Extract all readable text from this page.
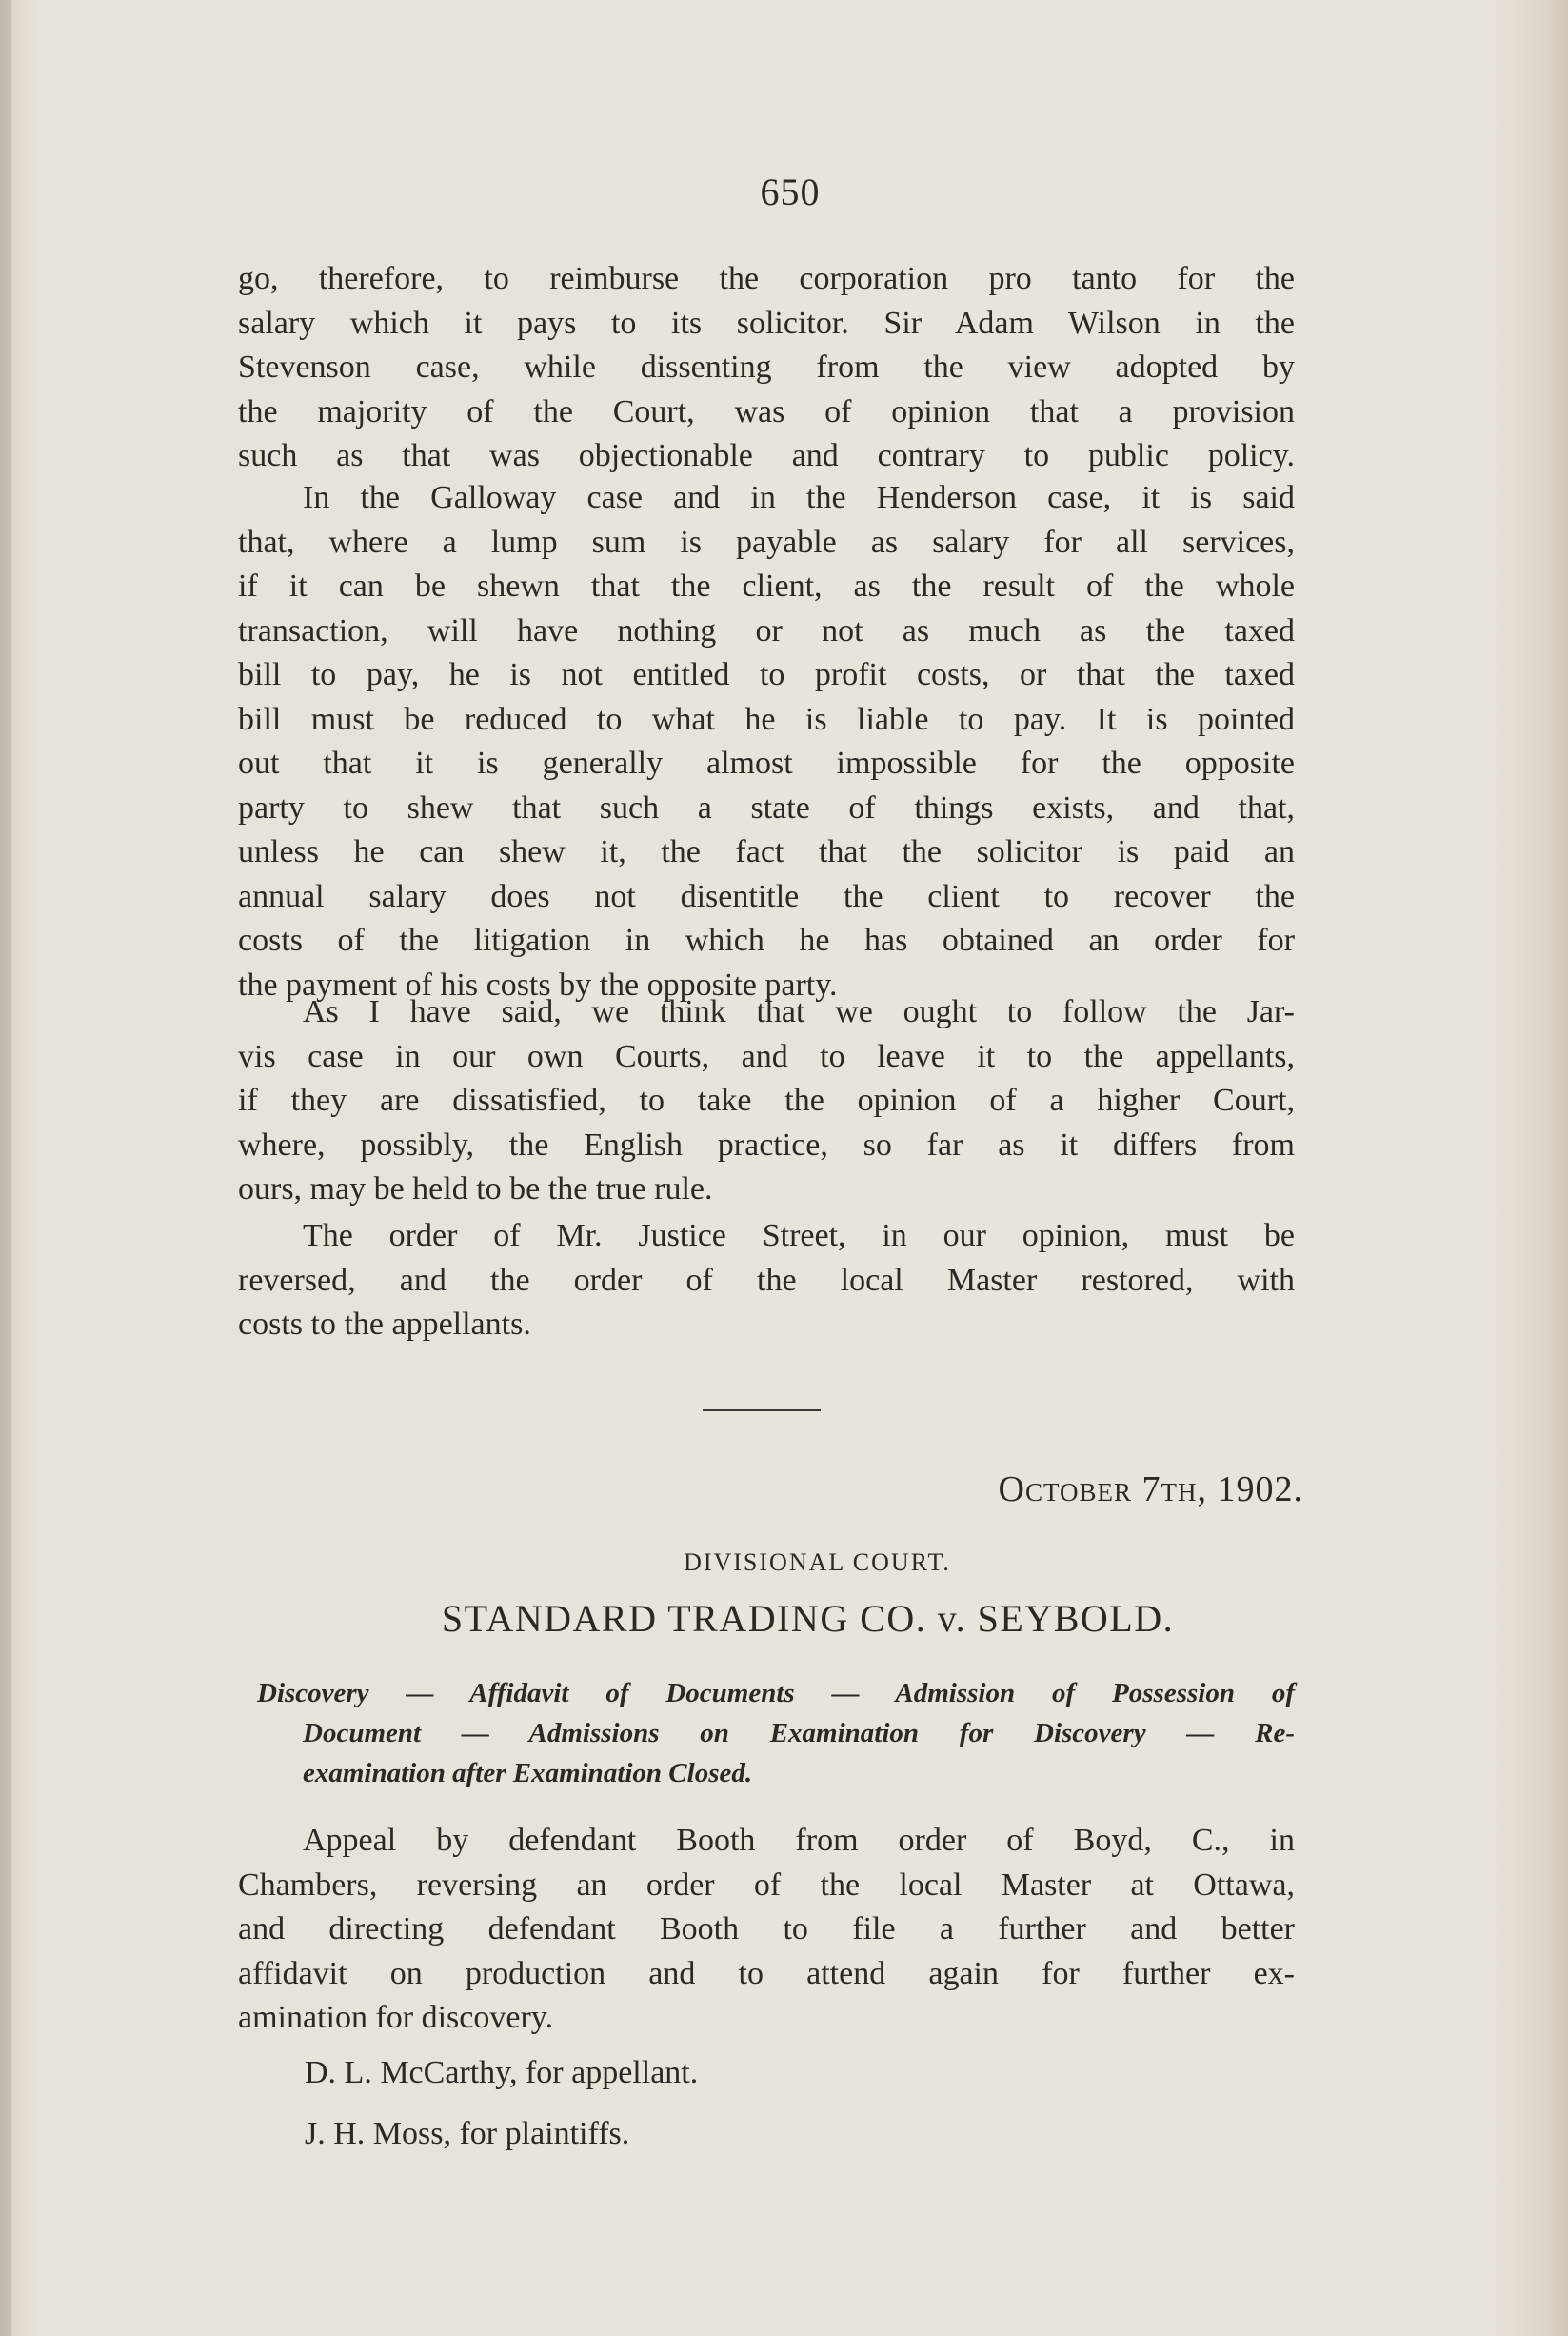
650
go, therefore, to reimburse the corporation pro tanto for the
salary which it pays to its solicitor. Sir Adam Wilson in the
Stevenson case, while dissenting from the view adopted by
the majority of the Court, was of opinion that a provision
such as that was objectionable and contrary to public policy.
In the Galloway case and in the Henderson case, it is said
that, where a lump sum is payable as salary for all services,
if it can be shewn that the client, as the result of the whole
transaction, will have nothing or not as much as the taxed
bill to pay, he is not entitled to profit costs, or that the taxed
bill must be reduced to what he is liable to pay. It is pointed
out that it is generally almost impossible for the opposite
party to shew that such a state of things exists, and that,
unless he can shew it, the fact that the solicitor is paid an
annual salary does not disentitle the client to recover the
costs of the litigation in which he has obtained an order for
the payment of his costs by the opposite party.
As I have said, we think that we ought to follow the Jar-
vis case in our own Courts, and to leave it to the appellants,
if they are dissatisfied, to take the opinion of a higher Court,
where, possibly, the English practice, so far as it differs from
ours, may be held to be the true rule.
The order of Mr. Justice Street, in our opinion, must be
reversed, and the order of the local Master restored, with
costs to the appellants.
October 7th, 1902.
DIVISIONAL COURT.
STANDARD TRADING CO. v. SEYBOLD.
Discovery — Affidavit of Documents — Admission of Possession of
Document — Admissions on Examination for Discovery — Re-
examination after Examination Closed.
Appeal by defendant Booth from order of Boyd, C., in
Chambers, reversing an order of the local Master at Ottawa,
and directing defendant Booth to file a further and better
affidavit on production and to attend again for further ex-
amination for discovery.
D. L. McCarthy, for appellant.
J. H. Moss, for plaintiffs.
